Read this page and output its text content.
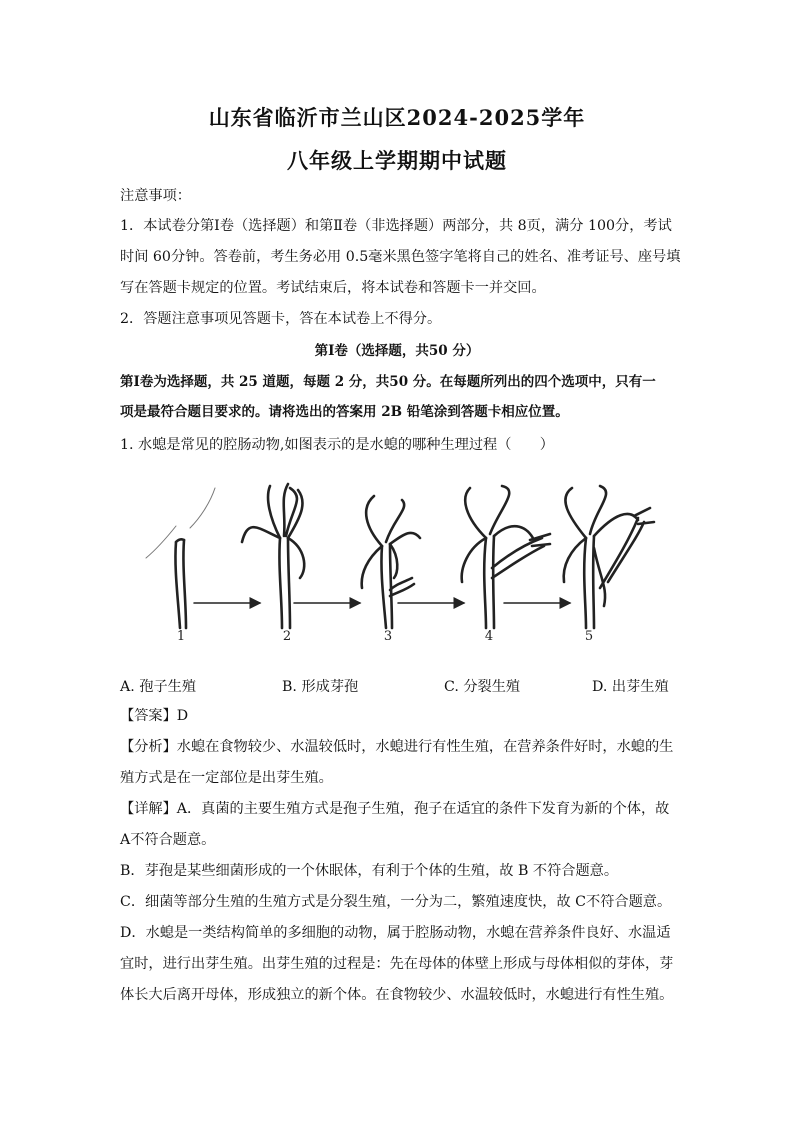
山东省临沂市兰山区2024-2025学年
八年级上学期期中试题
注意事项：
1．本试卷分第Ⅰ卷（选择题）和第Ⅱ卷（非选择题）两部分，共 8页，满分 100分，考试
时间 60分钟。答卷前，考生务必用 0.5毫米黑色签字笔将自己的姓名、准考证号、座号填
写在答题卡规定的位置。考试结束后，将本试卷和答题卡一并交回。
2．答题注意事项见答题卡，答在本试卷上不得分。
第Ⅰ卷（选择题，共50 分）
第Ⅰ卷为选择题，共 25 道题，每题 2 分，共50 分。在每题所列出的四个选项中，只有一
项是最符合题目要求的。请将选出的答案用 2B 铅笔涂到答题卡相应位置。
1. 水螅是常见的腔肠动物,如图表示的是水螅的哪种生理过程（　　）
1	2	3	4	5
A. 孢子生殖	B. 形成芽孢	C. 分裂生殖	D. 出芽生殖
【答案】D
【分析】水螅在食物较少、水温较低时，水螅进行有性生殖，在营养条件好时，水螅的生
殖方式是在一定部位是出芽生殖。
【详解】A．真菌的主要生殖方式是孢子生殖，孢子在适宜的条件下发育为新的个体，故
A不符合题意。
B．芽孢是某些细菌形成的一个休眠体，有利于个体的生殖，故 B 不符合题意。
C．细菌等部分生殖的生殖方式是分裂生殖，一分为二，繁殖速度快，故 C不符合题意。
D．水螅是一类结构简单的多细胞的动物，属于腔肠动物，水螅在营养条件良好、水温适
宜时，进行出芽生殖。出芽生殖的过程是：先在母体的体壁上形成与母体相似的芽体，芽
体长大后离开母体，形成独立的新个体。在食物较少、水温较低时，水螅进行有性生殖。
